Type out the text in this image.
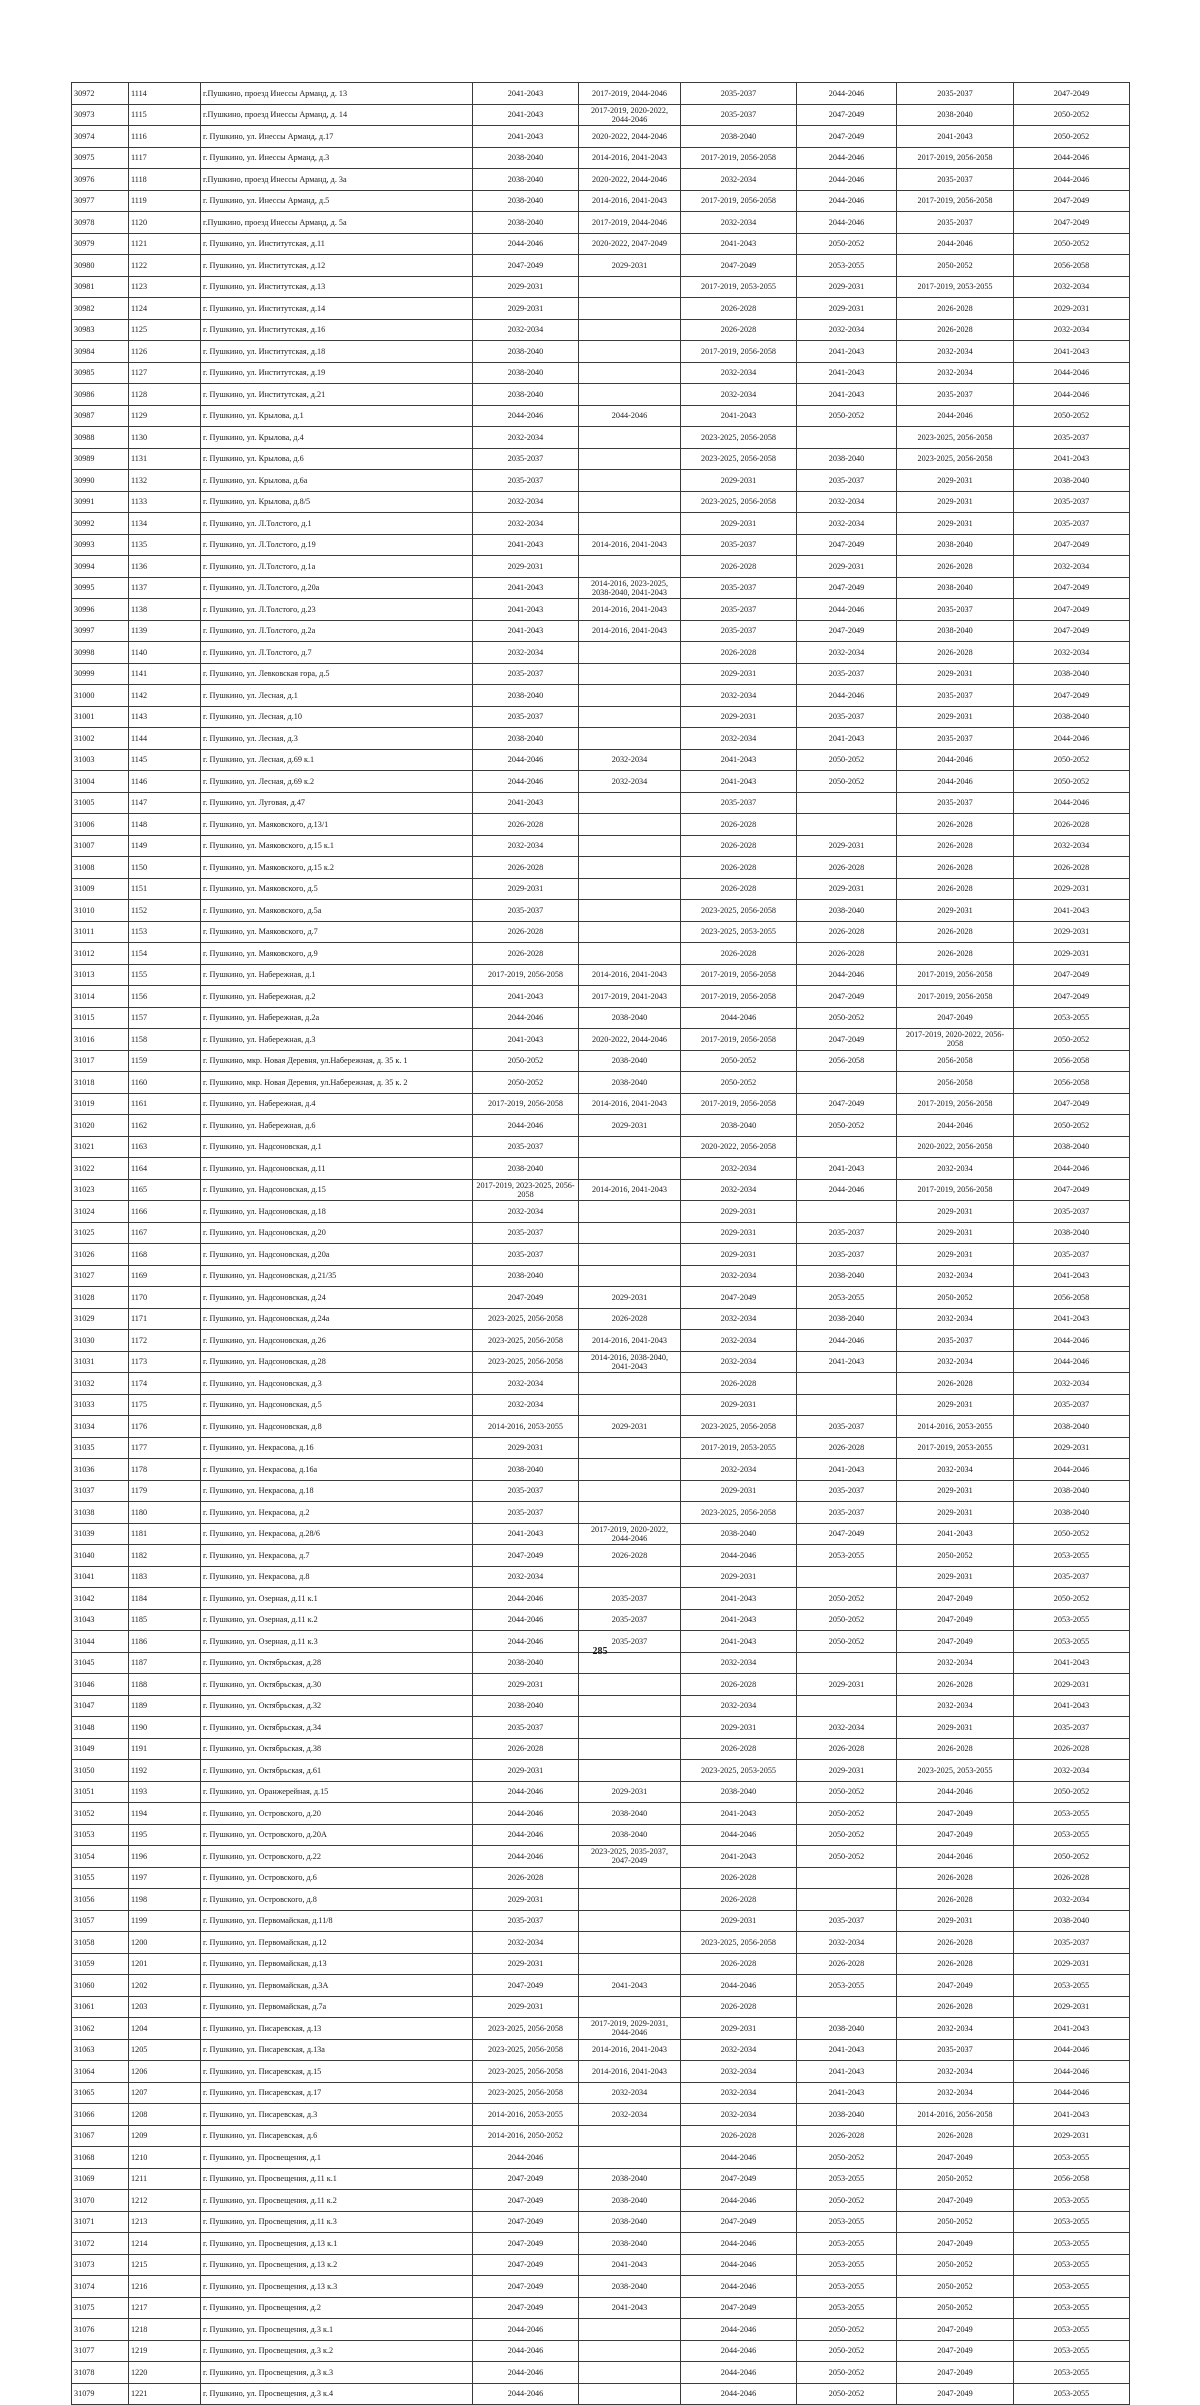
30972	1114	г.Пушкино, проезд Инессы Арманд, д. 13	2041-2043	2017-2019, 2044-2046	2035-2037	2044-2046	2035-2037	2047-2049
30973	1115	г.Пушкино, проезд Инессы Арманд, д. 14	2041-2043	2017-2019, 2020-2022, 2044-2046	2035-2037	2047-2049	2038-2040	2050-2052
30974	1116	г. Пушкино, ул. Инессы Арманд, д.17	2041-2043	2020-2022, 2044-2046	2038-2040	2047-2049	2041-2043	2050-2052
30975	1117	г. Пушкино, ул. Инессы Арманд, д.3	2038-2040	2014-2016, 2041-2043	2017-2019, 2056-2058	2044-2046	2017-2019, 2056-2058	2044-2046
30976	1118	г.Пушкино, проезд Инессы Арманд, д. 3а	2038-2040	2020-2022, 2044-2046	2032-2034	2044-2046	2035-2037	2044-2046
30977	1119	г. Пушкино, ул. Инессы Арманд, д.5	2038-2040	2014-2016, 2041-2043	2017-2019, 2056-2058	2044-2046	2017-2019, 2056-2058	2047-2049
30978	1120	г.Пушкино, проезд Инессы Арманд, д. 5а	2038-2040	2017-2019, 2044-2046	2032-2034	2044-2046	2035-2037	2047-2049
30979	1121	г. Пушкино, ул. Институтская, д.11	2044-2046	2020-2022, 2047-2049	2041-2043	2050-2052	2044-2046	2050-2052
30980	1122	г. Пушкино, ул. Институтская, д.12	2047-2049	2029-2031	2047-2049	2053-2055	2050-2052	2056-2058
30981	1123	г. Пушкино, ул. Институтская, д.13	2029-2031		2017-2019, 2053-2055	2029-2031	2017-2019, 2053-2055	2032-2034
30982	1124	г. Пушкино, ул. Институтская, д.14	2029-2031		2026-2028	2029-2031	2026-2028	2029-2031
30983	1125	г. Пушкино, ул. Институтская, д.16	2032-2034		2026-2028	2032-2034	2026-2028	2032-2034
30984	1126	г. Пушкино, ул. Институтская, д.18	2038-2040		2017-2019, 2056-2058	2041-2043	2032-2034	2041-2043
30985	1127	г. Пушкино, ул. Институтская, д.19	2038-2040		2032-2034	2041-2043	2032-2034	2044-2046
30986	1128	г. Пушкино, ул. Институтская, д.21	2038-2040		2032-2034	2041-2043	2035-2037	2044-2046
30987	1129	г. Пушкино, ул. Крылова, д.1	2044-2046	2044-2046	2041-2043	2050-2052	2044-2046	2050-2052
30988	1130	г. Пушкино, ул. Крылова, д.4	2032-2034		2023-2025, 2056-2058		2023-2025, 2056-2058	2035-2037
30989	1131	г. Пушкино, ул. Крылова, д.6	2035-2037		2023-2025, 2056-2058	2038-2040	2023-2025, 2056-2058	2041-2043
30990	1132	г. Пушкино, ул. Крылова, д.6а	2035-2037		2029-2031	2035-2037	2029-2031	2038-2040
30991	1133	г. Пушкино, ул. Крылова, д.8/5	2032-2034		2023-2025, 2056-2058	2032-2034	2029-2031	2035-2037
30992	1134	г. Пушкино, ул. Л.Толстого, д.1	2032-2034		2029-2031	2032-2034	2029-2031	2035-2037
30993	1135	г. Пушкино, ул. Л.Толстого, д.19	2041-2043	2014-2016, 2041-2043	2035-2037	2047-2049	2038-2040	2047-2049
30994	1136	г. Пушкино, ул. Л.Толстого, д.1а	2029-2031		2026-2028	2029-2031	2026-2028	2032-2034
30995	1137	г. Пушкино, ул. Л.Толстого, д.20а	2041-2043	2014-2016, 2023-2025, 2038-2040, 2041-2043	2035-2037	2047-2049	2038-2040	2047-2049
30996	1138	г. Пушкино, ул. Л.Толстого, д.23	2041-2043	2014-2016, 2041-2043	2035-2037	2044-2046	2035-2037	2047-2049
30997	1139	г. Пушкино, ул. Л.Толстого, д.2а	2041-2043	2014-2016, 2041-2043	2035-2037	2047-2049	2038-2040	2047-2049
30998	1140	г. Пушкино, ул. Л.Толстого, д.7	2032-2034		2026-2028	2032-2034	2026-2028	2032-2034
30999	1141	г. Пушкино, ул. Левковская гора, д.5	2035-2037		2029-2031	2035-2037	2029-2031	2038-2040
31000	1142	г. Пушкино, ул. Лесная, д.1	2038-2040		2032-2034	2044-2046	2035-2037	2047-2049
31001	1143	г. Пушкино, ул. Лесная, д.10	2035-2037		2029-2031	2035-2037	2029-2031	2038-2040
31002	1144	г. Пушкино, ул. Лесная, д.3	2038-2040		2032-2034	2041-2043	2035-2037	2044-2046
31003	1145	г. Пушкино, ул. Лесная, д.69 к.1	2044-2046	2032-2034	2041-2043	2050-2052	2044-2046	2050-2052
31004	1146	г. Пушкино, ул. Лесная, д.69 к.2	2044-2046	2032-2034	2041-2043	2050-2052	2044-2046	2050-2052
31005	1147	г. Пушкино, ул. Луговая, д.47	2041-2043		2035-2037		2035-2037	2044-2046
31006	1148	г. Пушкино, ул. Маяковского, д.13/1	2026-2028		2026-2028		2026-2028	2026-2028
31007	1149	г. Пушкино, ул. Маяковского, д.15 к.1	2032-2034		2026-2028	2029-2031	2026-2028	2032-2034
31008	1150	г. Пушкино, ул. Маяковского, д.15 к.2	2026-2028		2026-2028	2026-2028	2026-2028	2026-2028
31009	1151	г. Пушкино, ул. Маяковского, д.5	2029-2031		2026-2028	2029-2031	2026-2028	2029-2031
31010	1152	г. Пушкино, ул. Маяковского, д.5а	2035-2037		2023-2025, 2056-2058	2038-2040	2029-2031	2041-2043
31011	1153	г. Пушкино, ул. Маяковского, д.7	2026-2028		2023-2025, 2053-2055	2026-2028	2026-2028	2029-2031
31012	1154	г. Пушкино, ул. Маяковского, д.9	2026-2028		2026-2028	2026-2028	2026-2028	2029-2031
31013	1155	г. Пушкино, ул. Набережная, д.1	2017-2019, 2056-2058	2014-2016, 2041-2043	2017-2019, 2056-2058	2044-2046	2017-2019, 2056-2058	2047-2049
31014	1156	г. Пушкино, ул. Набережная, д.2	2041-2043	2017-2019, 2041-2043	2017-2019, 2056-2058	2047-2049	2017-2019, 2056-2058	2047-2049
31015	1157	г. Пушкино, ул. Набережная, д.2а	2044-2046	2038-2040	2044-2046	2050-2052	2047-2049	2053-2055
31016	1158	г. Пушкино, ул. Набережная, д.3	2041-2043	2020-2022, 2044-2046	2017-2019, 2056-2058	2047-2049	2017-2019, 2020-2022, 2056-2058	2050-2052
31017	1159	г. Пушкино, мкр. Новая Деревня, ул.Набережная, д. 35 к. 1	2050-2052	2038-2040	2050-2052	2056-2058	2056-2058	2056-2058
31018	1160	г. Пушкино, мкр. Новая Деревня, ул.Набережная, д. 35 к. 2	2050-2052	2038-2040	2050-2052		2056-2058	2056-2058
31019	1161	г. Пушкино, ул. Набережная, д.4	2017-2019, 2056-2058	2014-2016, 2041-2043	2017-2019, 2056-2058	2047-2049	2017-2019, 2056-2058	2047-2049
31020	1162	г. Пушкино, ул. Набережная, д.6	2044-2046	2029-2031	2038-2040	2050-2052	2044-2046	2050-2052
31021	1163	г. Пушкино, ул. Надсоновская, д.1	2035-2037		2020-2022, 2056-2058		2020-2022, 2056-2058	2038-2040
31022	1164	г. Пушкино, ул. Надсоновская, д.11	2038-2040		2032-2034	2041-2043	2032-2034	2044-2046
31023	1165	г. Пушкино, ул. Надсоновская, д.15	2017-2019, 2023-2025, 2056-2058	2014-2016, 2041-2043	2032-2034	2044-2046	2017-2019, 2056-2058	2047-2049
31024	1166	г. Пушкино, ул. Надсоновская, д.18	2032-2034		2029-2031		2029-2031	2035-2037
31025	1167	г. Пушкино, ул. Надсоновская, д.20	2035-2037		2029-2031	2035-2037	2029-2031	2038-2040
31026	1168	г. Пушкино, ул. Надсоновская, д.20а	2035-2037		2029-2031	2035-2037	2029-2031	2035-2037
31027	1169	г. Пушкино, ул. Надсоновская, д.21/35	2038-2040		2032-2034	2038-2040	2032-2034	2041-2043
31028	1170	г. Пушкино, ул. Надсоновская, д.24	2047-2049	2029-2031	2047-2049	2053-2055	2050-2052	2056-2058
31029	1171	г. Пушкино, ул. Надсоновская, д.24а	2023-2025, 2056-2058	2026-2028	2032-2034	2038-2040	2032-2034	2041-2043
31030	1172	г. Пушкино, ул. Надсоновская, д.26	2023-2025, 2056-2058	2014-2016, 2041-2043	2032-2034	2044-2046	2035-2037	2044-2046
31031	1173	г. Пушкино, ул. Надсоновская, д.28	2023-2025, 2056-2058	2014-2016, 2038-2040, 2041-2043	2032-2034	2041-2043	2032-2034	2044-2046
31032	1174	г. Пушкино, ул. Надсоновская, д.3	2032-2034		2026-2028		2026-2028	2032-2034
31033	1175	г. Пушкино, ул. Надсоновская, д.5	2032-2034		2029-2031		2029-2031	2035-2037
31034	1176	г. Пушкино, ул. Надсоновская, д.8	2014-2016, 2053-2055	2029-2031	2023-2025, 2056-2058	2035-2037	2014-2016, 2053-2055	2038-2040
31035	1177	г. Пушкино, ул. Некрасова, д.16	2029-2031		2017-2019, 2053-2055	2026-2028	2017-2019, 2053-2055	2029-2031
31036	1178	г. Пушкино, ул. Некрасова, д.16а	2038-2040		2032-2034	2041-2043	2032-2034	2044-2046
31037	1179	г. Пушкино, ул. Некрасова, д.18	2035-2037		2029-2031	2035-2037	2029-2031	2038-2040
31038	1180	г. Пушкино, ул. Некрасова, д.2	2035-2037		2023-2025, 2056-2058	2035-2037	2029-2031	2038-2040
31039	1181	г. Пушкино, ул. Некрасова, д.28/6	2041-2043	2017-2019, 2020-2022, 2044-2046	2038-2040	2047-2049	2041-2043	2050-2052
31040	1182	г. Пушкино, ул. Некрасова, д.7	2047-2049	2026-2028	2044-2046	2053-2055	2050-2052	2053-2055
31041	1183	г. Пушкино, ул. Некрасова, д.8	2032-2034		2029-2031		2029-2031	2035-2037
31042	1184	г. Пушкино, ул. Озерная, д.11 к.1	2044-2046	2035-2037	2041-2043	2050-2052	2047-2049	2050-2052
31043	1185	г. Пушкино, ул. Озерная, д.11 к.2	2044-2046	2035-2037	2041-2043	2050-2052	2047-2049	2053-2055
31044	1186	г. Пушкино, ул. Озерная, д.11 к.3	2044-2046	2035-2037	2041-2043	2050-2052	2047-2049	2053-2055
31045	1187	г. Пушкино, ул. Октябрьская, д.28	2038-2040		2032-2034		2032-2034	2041-2043
31046	1188	г. Пушкино, ул. Октябрьская, д.30	2029-2031		2026-2028	2029-2031	2026-2028	2029-2031
31047	1189	г. Пушкино, ул. Октябрьская, д.32	2038-2040		2032-2034		2032-2034	2041-2043
31048	1190	г. Пушкино, ул. Октябрьская, д.34	2035-2037		2029-2031	2032-2034	2029-2031	2035-2037
31049	1191	г. Пушкино, ул. Октябрьская, д.38	2026-2028		2026-2028	2026-2028	2026-2028	2026-2028
31050	1192	г. Пушкино, ул. Октябрьская, д.61	2029-2031		2023-2025, 2053-2055	2029-2031	2023-2025, 2053-2055	2032-2034
31051	1193	г. Пушкино, ул. Оранжерейная, д.15	2044-2046	2029-2031	2038-2040	2050-2052	2044-2046	2050-2052
31052	1194	г. Пушкино, ул. Островского, д.20	2044-2046	2038-2040	2041-2043	2050-2052	2047-2049	2053-2055
31053	1195	г. Пушкино, ул. Островского, д.20А	2044-2046	2038-2040	2044-2046	2050-2052	2047-2049	2053-2055
31054	1196	г. Пушкино, ул. Островского, д.22	2044-2046	2023-2025, 2035-2037, 2047-2049	2041-2043	2050-2052	2044-2046	2050-2052
31055	1197	г. Пушкино, ул. Островского, д.6	2026-2028		2026-2028		2026-2028	2026-2028
31056	1198	г. Пушкино, ул. Островского, д.8	2029-2031		2026-2028		2026-2028	2032-2034
31057	1199	г. Пушкино, ул. Первомайская, д.11/8	2035-2037		2029-2031	2035-2037	2029-2031	2038-2040
31058	1200	г. Пушкино, ул. Первомайская, д.12	2032-2034		2023-2025, 2056-2058	2032-2034	2026-2028	2035-2037
31059	1201	г. Пушкино, ул. Первомайская, д.13	2029-2031		2026-2028	2026-2028	2026-2028	2029-2031
31060	1202	г. Пушкино, ул. Первомайская, д.3А	2047-2049	2041-2043	2044-2046	2053-2055	2047-2049	2053-2055
31061	1203	г. Пушкино, ул. Первомайская, д.7а	2029-2031		2026-2028		2026-2028	2029-2031
31062	1204	г. Пушкино, ул. Писаревская, д.13	2023-2025, 2056-2058	2017-2019, 2029-2031, 2044-2046	2029-2031	2038-2040	2032-2034	2041-2043
31063	1205	г. Пушкино, ул. Писаревская, д.13а	2023-2025, 2056-2058	2014-2016, 2041-2043	2032-2034	2041-2043	2035-2037	2044-2046
31064	1206	г. Пушкино, ул. Писаревская, д.15	2023-2025, 2056-2058	2014-2016, 2041-2043	2032-2034	2041-2043	2032-2034	2044-2046
31065	1207	г. Пушкино, ул. Писаревская, д.17	2023-2025, 2056-2058	2032-2034	2032-2034	2041-2043	2032-2034	2044-2046
31066	1208	г. Пушкино, ул. Писаревская, д.3	2014-2016, 2053-2055	2032-2034	2032-2034	2038-2040	2014-2016, 2056-2058	2041-2043
31067	1209	г. Пушкино, ул. Писаревская, д.6	2014-2016, 2050-2052		2026-2028	2026-2028	2026-2028	2029-2031
31068	1210	г. Пушкино, ул. Просвещения, д.1	2044-2046		2044-2046	2050-2052	2047-2049	2053-2055
31069	1211	г. Пушкино, ул. Просвещения, д.11 к.1	2047-2049	2038-2040	2047-2049	2053-2055	2050-2052	2056-2058
31070	1212	г. Пушкино, ул. Просвещения, д.11 к.2	2047-2049	2038-2040	2044-2046	2050-2052	2047-2049	2053-2055
31071	1213	г. Пушкино, ул. Просвещения, д.11 к.3	2047-2049	2038-2040	2047-2049	2053-2055	2050-2052	2053-2055
31072	1214	г. Пушкино, ул. Просвещения, д.13 к.1	2047-2049	2038-2040	2044-2046	2053-2055	2047-2049	2053-2055
31073	1215	г. Пушкино, ул. Просвещения, д.13 к.2	2047-2049	2041-2043	2044-2046	2053-2055	2050-2052	2053-2055
31074	1216	г. Пушкино, ул. Просвещения, д.13 к.3	2047-2049	2038-2040	2044-2046	2053-2055	2050-2052	2053-2055
31075	1217	г. Пушкино, ул. Просвещения, д.2	2047-2049	2041-2043	2047-2049	2053-2055	2050-2052	2053-2055
31076	1218	г. Пушкино, ул. Просвещения, д.3 к.1	2044-2046		2044-2046	2050-2052	2047-2049	2053-2055
31077	1219	г. Пушкино, ул. Просвещения, д.3 к.2	2044-2046		2044-2046	2050-2052	2047-2049	2053-2055
31078	1220	г. Пушкино, ул. Просвещения, д.3 к.3	2044-2046		2044-2046	2050-2052	2047-2049	2053-2055
31079	1221	г. Пушкино, ул. Просвещения, д.3 к.4	2044-2046		2044-2046	2050-2052	2047-2049	2053-2055
285
